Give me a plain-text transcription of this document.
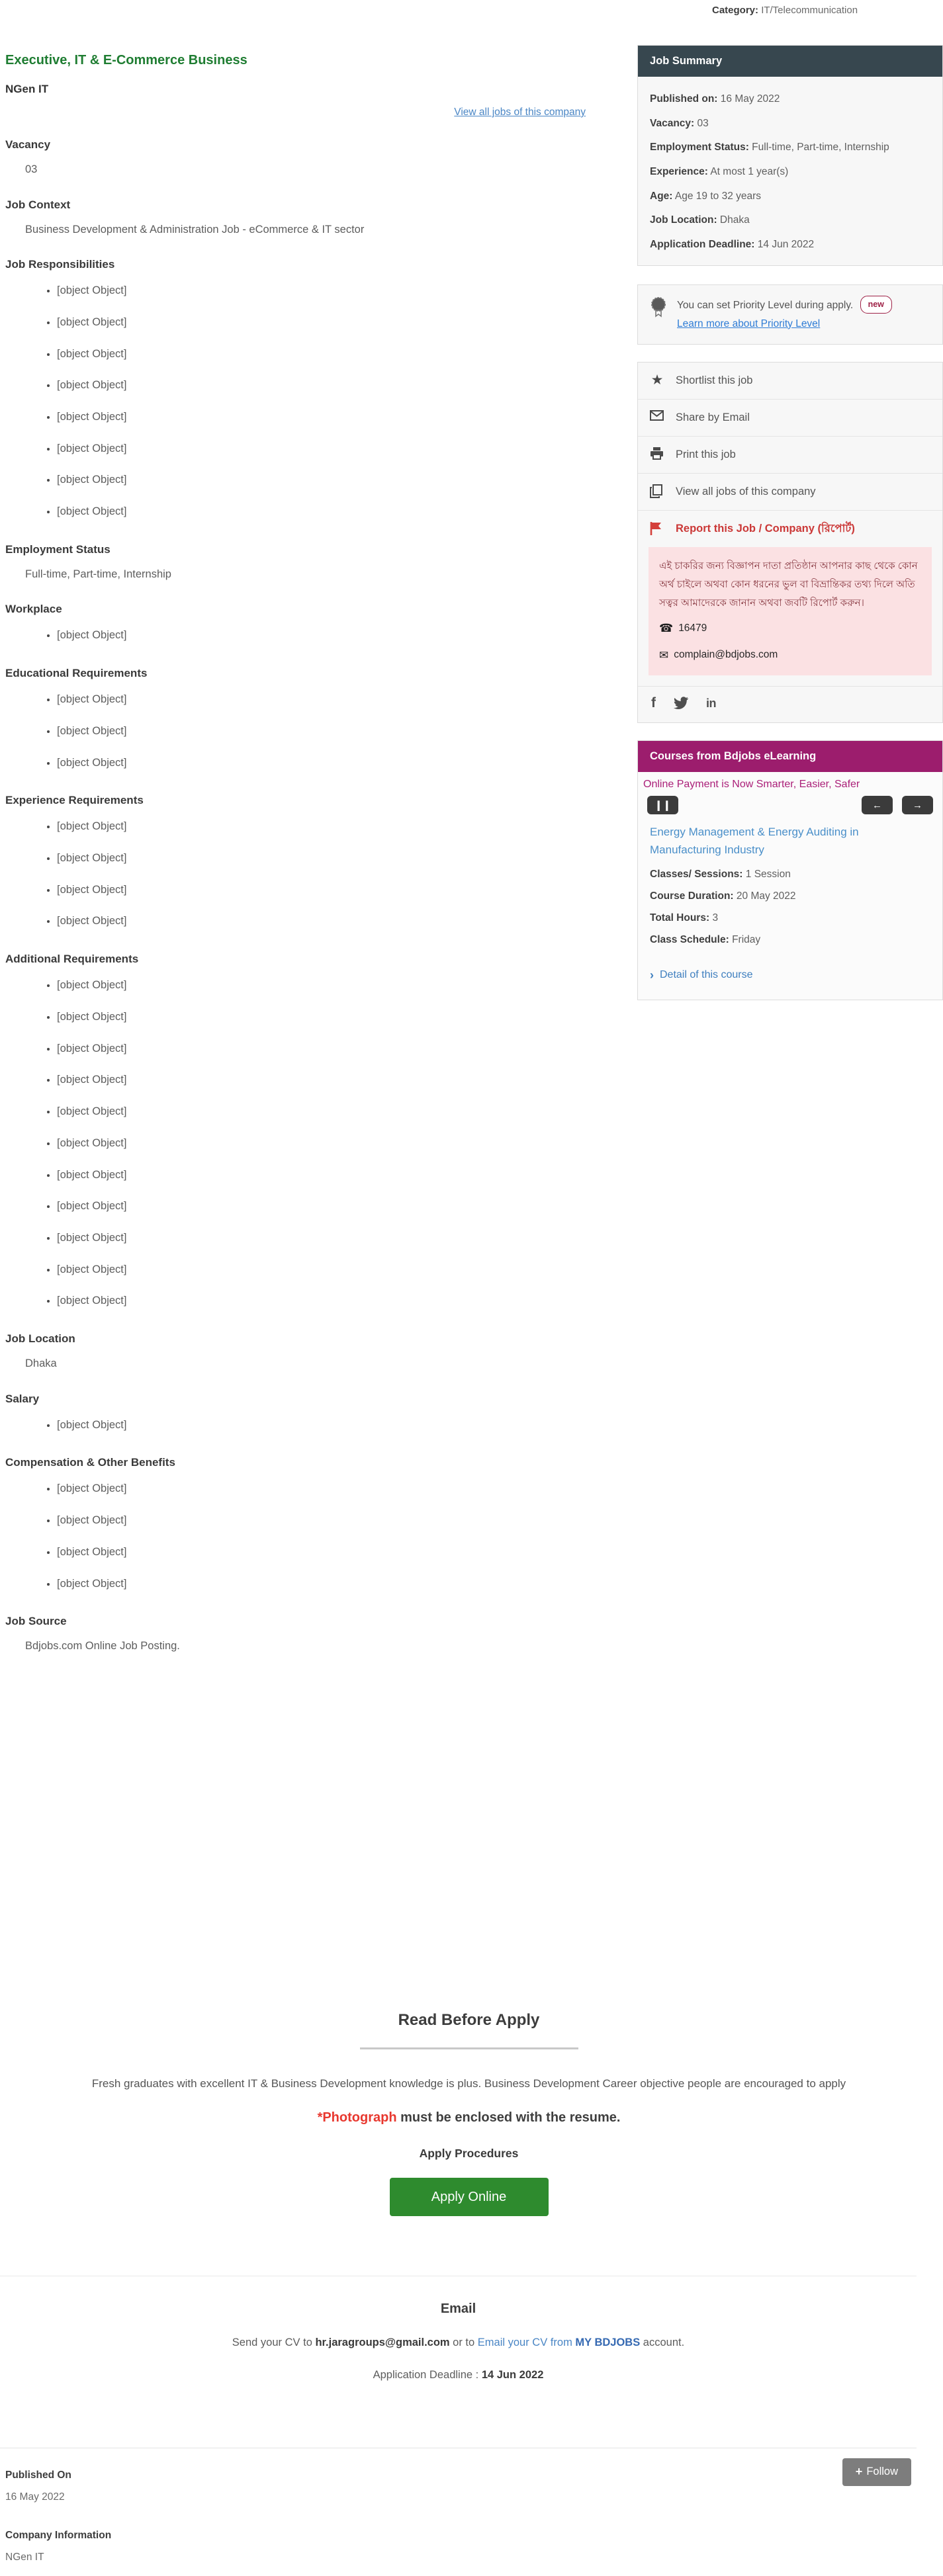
Category: IT/Telecommunication
Executive, IT & E-Commerce Business
NGen IT
View all jobs of this company
Vacancy

03

Job Context

Business Development & Administration Job - eCommerce & IT sector

Job Responsibilities
• [object Object]
• [object Object]
• [object Object]
• [object Object]
• [object Object]
• [object Object]
• [object Object]
• [object Object]
Employment Status

Full-time, Part-time, Internship

Workplace
• [object Object]
Educational Requirements
• [object Object]
• [object Object]
• [object Object]
Experience Requirements
• [object Object]
• [object Object]
• [object Object]
• [object Object]
Additional Requirements
• [object Object]
• [object Object]
• [object Object]
• [object Object]
• [object Object]
• [object Object]
• [object Object]
• [object Object]
• [object Object]
• [object Object]
• [object Object]
Job Location

Dhaka

Salary
• [object Object]
Compensation & Other Benefits
• [object Object]
• [object Object]
• [object Object]
• [object Object]
Job Source

Bdjobs.com Online Job Posting.

Job Summary
Published on: 16 May 2022
Vacancy: 03
Employment Status: Full-time, Part-time, Internship
Experience: At most 1 year(s)
Age: Age 19 to 32 years
Job Location: Dhaka
Application Deadline: 14 Jun 2022
You can set Priority Level during apply. new
Learn more about Priority Level
★ Shortlist this job
Share by Email
Print this job
View all jobs of this company
Report this Job / Company (রিপোর্ট)
এই চাকরির জন্য বিজ্ঞাপন দাতা প্রতিষ্ঠান আপনার কাছ থেকে কোন অর্থ চাইলে অথবা কোন ধরনের ভুল বা বিভ্রান্তিকর তথ্য দিলে অতি সত্বর আমাদেরকে জানান অথবা জবটি রিপোর্ট করুন।
☎ 16479
✉ complain@bdjobs.com
f	in
Courses from Bdjobs eLearning
Online Payment is Now Smarter, Easier, Safer
❙❙	←	→
Energy Management & Energy Auditing in Manufacturing Industry
Classes/ Sessions: 1 Session
Course Duration: 20 May 2022
Total Hours: 3
Class Schedule: Friday
› Detail of this course
Read Before Apply

Fresh graduates with excellent IT & Business Development knowledge is plus. Business Development Career objective people are encouraged to apply

*Photograph must be enclosed with the resume.

Apply Procedures

Apply Online
Email

Send your CV to hr.jaragroups@gmail.com or to Email your CV from MY BDJOBS account.

Application Deadline : 14 Jun 2022

Published On
16 May 2022
Company Information
NGen IT
+ Follow
